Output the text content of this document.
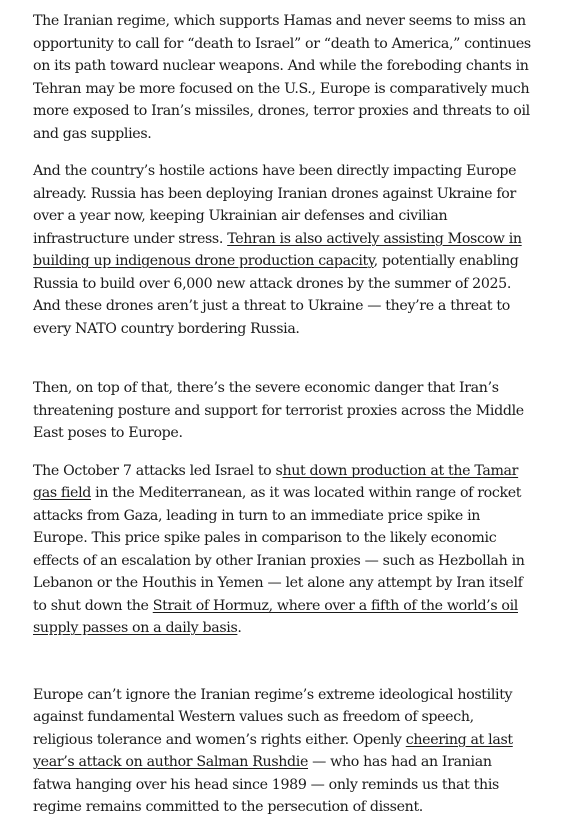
The Iranian regime, which supports Hamas and never seems to miss an opportunity to call for “death to Israel” or “death to America,” continues on its path toward nuclear weapons. And while the foreboding chants in Tehran may be more focused on the U.S., Europe is comparatively much more exposed to Iran’s missiles, drones, terror proxies and threats to oil and gas supplies.

And the country’s hostile actions have been directly impacting Europe already. Russia has been deploying Iranian drones against Ukraine for over a year now, keeping Ukrainian air defenses and civilian infrastructure under stress. Tehran is also actively assisting Moscow in building up indigenous drone production capacity, potentially enabling Russia to build over 6,000 new attack drones by the summer of 2025. And these drones aren’t just a threat to Ukraine — they’re a threat to every NATO country bordering Russia.

Then, on top of that, there’s the severe economic danger that Iran’s threatening posture and support for terrorist proxies across the Middle East poses to Europe.

The October 7 attacks led Israel to shut down production at the Tamar gas field in the Mediterranean, as it was located within range of rocket attacks from Gaza, leading in turn to an immediate price spike in Europe. This price spike pales in comparison to the likely economic effects of an escalation by other Iranian proxies — such as Hezbollah in Lebanon or the Houthis in Yemen — let alone any attempt by Iran itself to shut down the Strait of Hormuz, where over a fifth of the world’s oil supply passes on a daily basis.

Europe can’t ignore the Iranian regime’s extreme ideological hostility against fundamental Western values such as freedom of speech, religious tolerance and women’s rights either. Openly cheering at last year’s attack on author Salman Rushdie — who has had an Iranian fatwa hanging over his head since 1989 — only reminds us that this regime remains committed to the persecution of dissent.
